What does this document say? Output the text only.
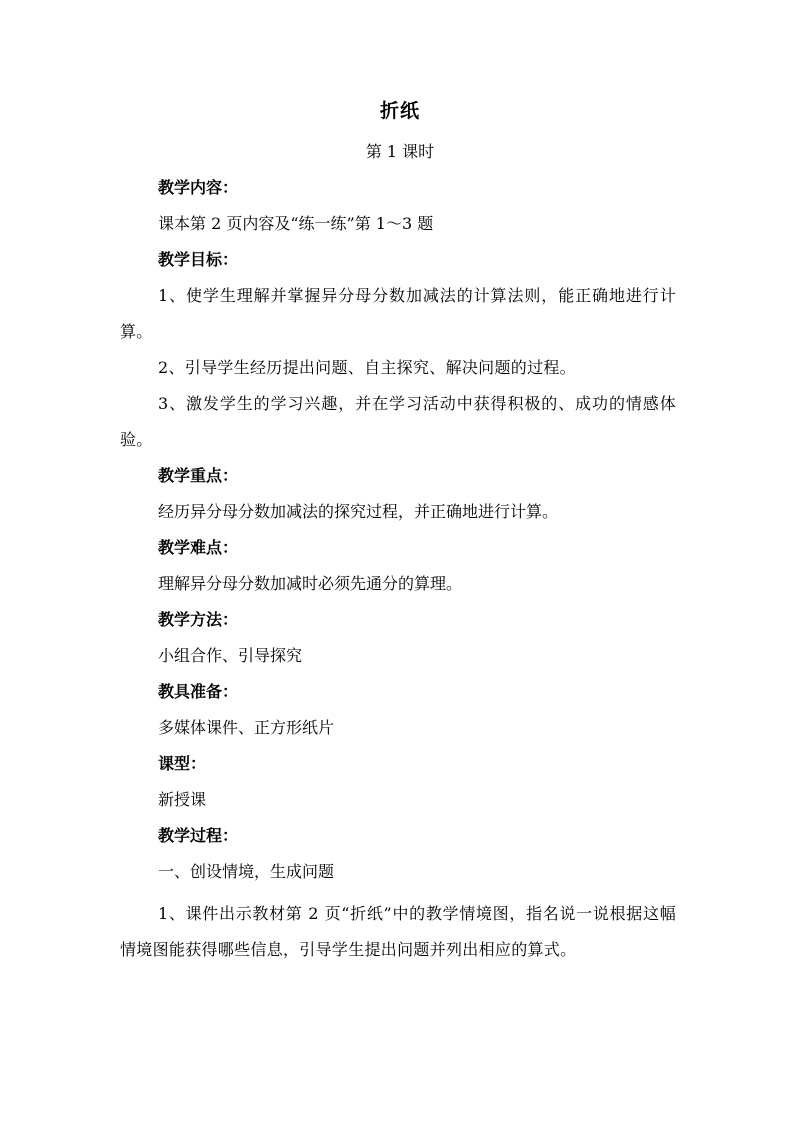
折纸
第 1 课时
教学内容：
课本第 2 页内容及“练一练”第 1～3 题
教学目标：
1、使学生理解并掌握异分母分数加减法的计算法则，能正确地进行计算。
2、引导学生经历提出问题、自主探究、解决问题的过程。
3、激发学生的学习兴趣，并在学习活动中获得积极的、成功的情感体验。
教学重点：
经历异分母分数加减法的探究过程，并正确地进行计算。
教学难点：
理解异分母分数加减时必须先通分的算理。
教学方法：
小组合作、引导探究
教具准备：
多媒体课件、正方形纸片
课型：
新授课
教学过程：
一、创设情境，生成问题
1、课件出示教材第 2 页“折纸”中的教学情境图，指名说一说根据这幅情境图能获得哪些信息，引导学生提出问题并列出相应的算式。
